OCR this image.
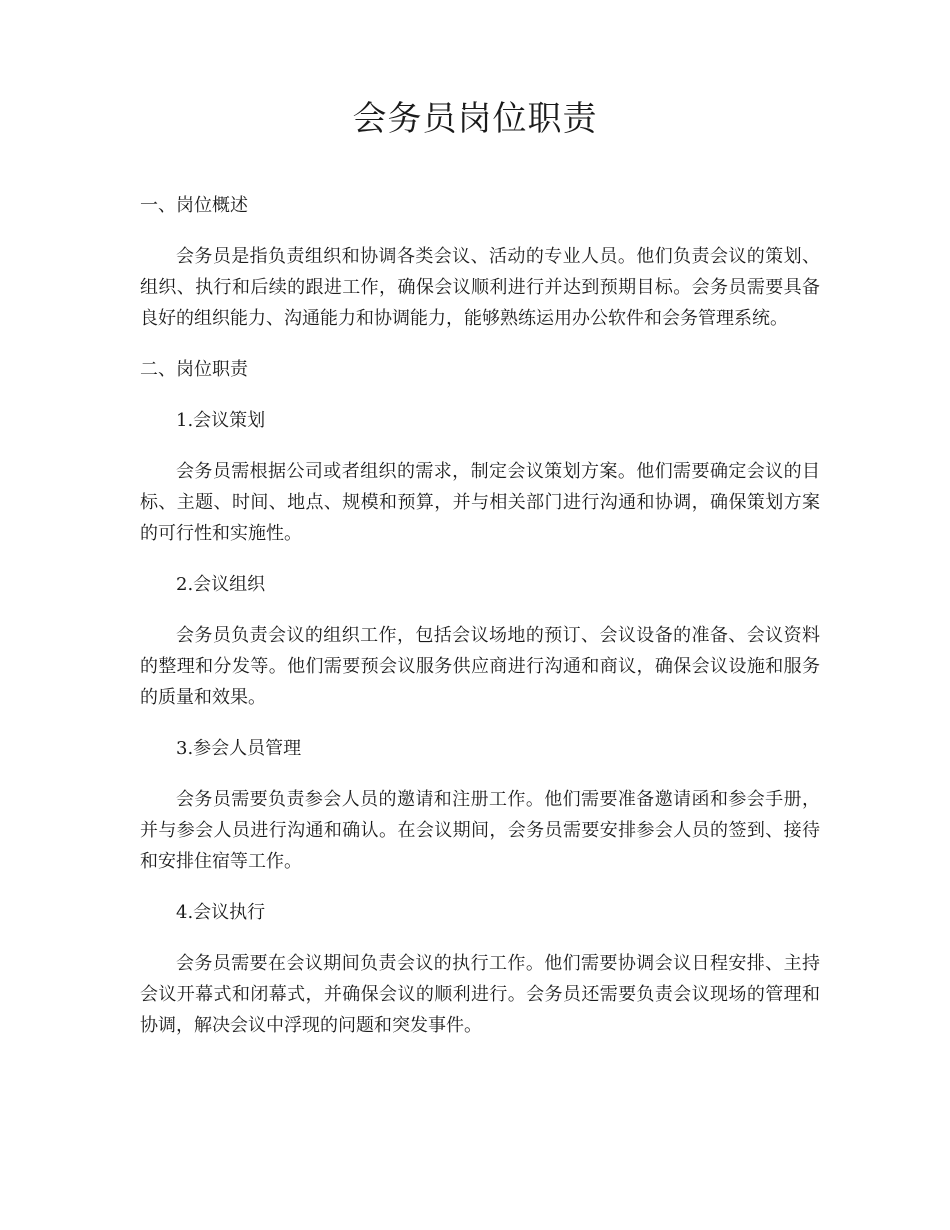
会务员岗位职责
一、岗位概述
会务员是指负责组织和协调各类会议、活动的专业人员。他们负责会议的策划、组织、执行和后续的跟进工作，确保会议顺利进行并达到预期目标。会务员需要具备良好的组织能力、沟通能力和协调能力，能够熟练运用办公软件和会务管理系统。
二、岗位职责
1.会议策划
会务员需根据公司或者组织的需求，制定会议策划方案。他们需要确定会议的目标、主题、时间、地点、规模和预算，并与相关部门进行沟通和协调，确保策划方案的可行性和实施性。
2.会议组织
会务员负责会议的组织工作，包括会议场地的预订、会议设备的准备、会议资料的整理和分发等。他们需要预会议服务供应商进行沟通和商议，确保会议设施和服务的质量和效果。
3.参会人员管理
会务员需要负责参会人员的邀请和注册工作。他们需要准备邀请函和参会手册，并与参会人员进行沟通和确认。在会议期间，会务员需要安排参会人员的签到、接待和安排住宿等工作。
4.会议执行
会务员需要在会议期间负责会议的执行工作。他们需要协调会议日程安排、主持会议开幕式和闭幕式，并确保会议的顺利进行。会务员还需要负责会议现场的管理和协调，解决会议中浮现的问题和突发事件。
